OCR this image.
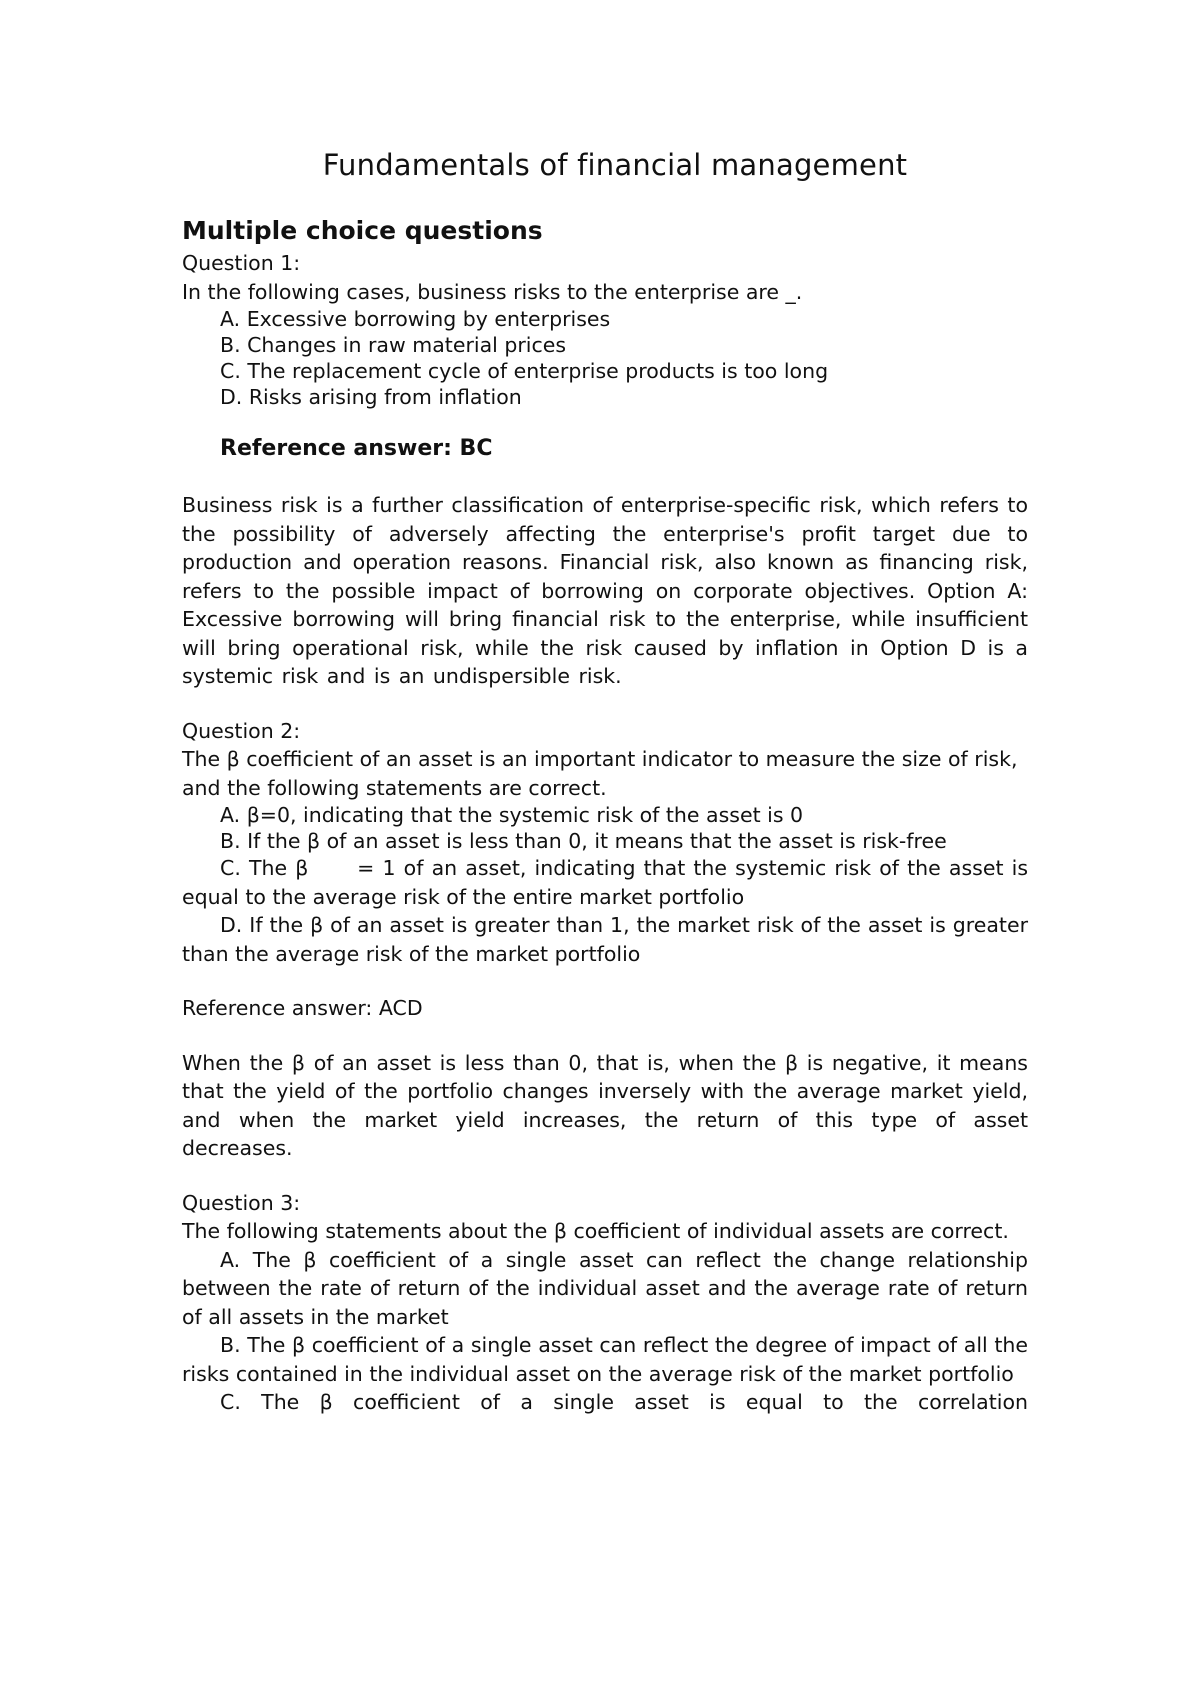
Fundamentals of financial management
Multiple choice questions

Question 1:

In the following cases, business risks to the enterprise are _.

A. Excessive borrowing by enterprises

B. Changes in raw material prices

C. The replacement cycle of enterprise products is too long

D. Risks arising from inflation

Reference answer: BC

Business risk is a further classification of enterprise-specific risk, which refers to the possibility of adversely affecting the enterprise's profit target due to production and operation reasons. Financial risk, also known as financing risk, refers to the possible impact of borrowing on corporate objectives. Option A: Excessive borrowing will bring financial risk to the enterprise, while insufficient will bring operational risk, while the risk caused by inflation in Option D is a systemic risk and is an undispersible risk.

Question 2:

The β coefficient of an asset is an important indicator to measure the size of risk, and the following statements are correct.

A. β=0, indicating that the systemic risk of the asset is 0

B. If the β of an asset is less than 0, it means that the asset is risk-free

C. The β      = 1 of an asset, indicating that the systemic risk of the asset is equal to the average risk of the entire market portfolio

D. If the β of an asset is greater than 1, the market risk of the asset is greater than the average risk of the market portfolio

Reference answer: ACD

When the β of an asset is less than 0, that is, when the β is negative, it means that the yield of the portfolio changes inversely with the average market yield, and when the market yield increases, the return of this type of asset decreases.

Question 3:

The following statements about the β coefficient of individual assets are correct.

A. The β coefficient of a single asset can reflect the change relationship between the rate of return of the individual asset and the average rate of return of all assets in the market

B. The β coefficient of a single asset can reflect the degree of impact of all the risks contained in the individual asset on the average risk of the market portfolio

C. The β coefficient of a single asset is equal to the correlation
